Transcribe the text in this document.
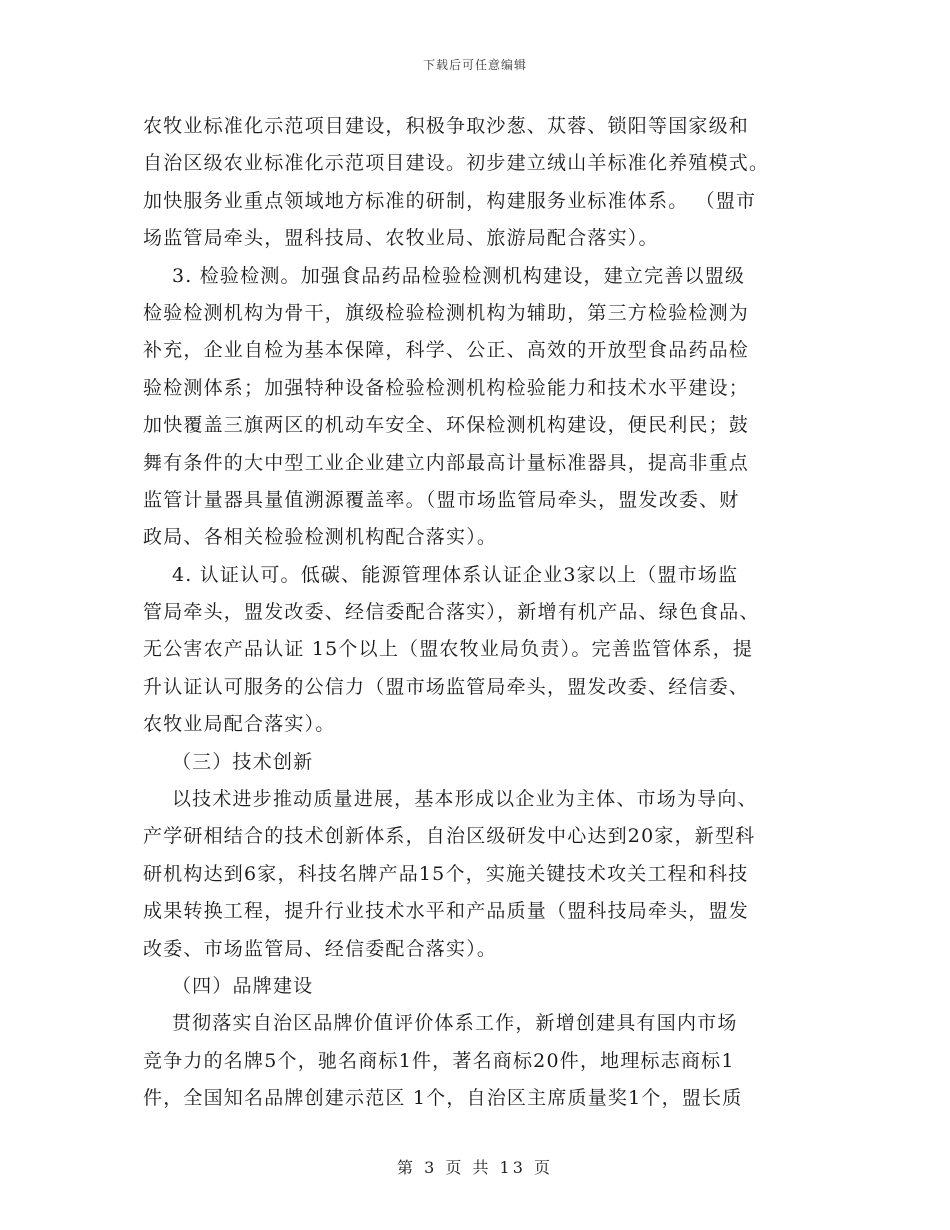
下载后可任意编辑
农牧业标准化示范项目建设，积极争取沙葱、苁蓉、锁阳等国家级和
自治区级农业标准化示范项目建设。初步建立绒山羊标准化养殖模式。
加快服务业重点领域地方标准的研制，构建服务业标准体系。 （盟市
场监管局牵头，盟科技局、农牧业局、旅游局配合落实）。
3. 检验检测。加强食品药品检验检测机构建设，建立完善以盟级
检验检测机构为骨干，旗级检验检测机构为辅助，第三方检验检测为
补充，企业自检为基本保障，科学、公正、高效的开放型食品药品检
验检测体系；加强特种设备检验检测机构检验能力和技术水平建设；
加快覆盖三旗两区的机动车安全、环保检测机构建设，便民利民；鼓
舞有条件的大中型工业企业建立内部最高计量标准器具，提高非重点
监管计量器具量值溯源覆盖率。（盟市场监管局牵头，盟发改委、财
政局、各相关检验检测机构配合落实）。
4. 认证认可。低碳、能源管理体系认证企业3家以上（盟市场监
管局牵头，盟发改委、经信委配合落实），新增有机产品、绿色食品、
无公害农产品认证 15个以上（盟农牧业局负责）。完善监管体系，提
升认证认可服务的公信力（盟市场监管局牵头，盟发改委、经信委、
农牧业局配合落实）。
（三）技术创新
以技术进步推动质量进展，基本形成以企业为主体、市场为导向、
产学研相结合的技术创新体系，自治区级研发中心达到20家，新型科
研机构达到6家，科技名牌产品15个，实施关键技术攻关工程和科技
成果转换工程，提升行业技术水平和产品质量（盟科技局牵头，盟发
改委、市场监管局、经信委配合落实）。
（四）品牌建设
贯彻落实自治区品牌价值评价体系工作，新增创建具有国内市场
竞争力的名牌5个，驰名商标1件，著名商标20件，地理标志商标1
件，全国知名品牌创建示范区 1个，自治区主席质量奖1个，盟长质
第 3 页 共 13 页
